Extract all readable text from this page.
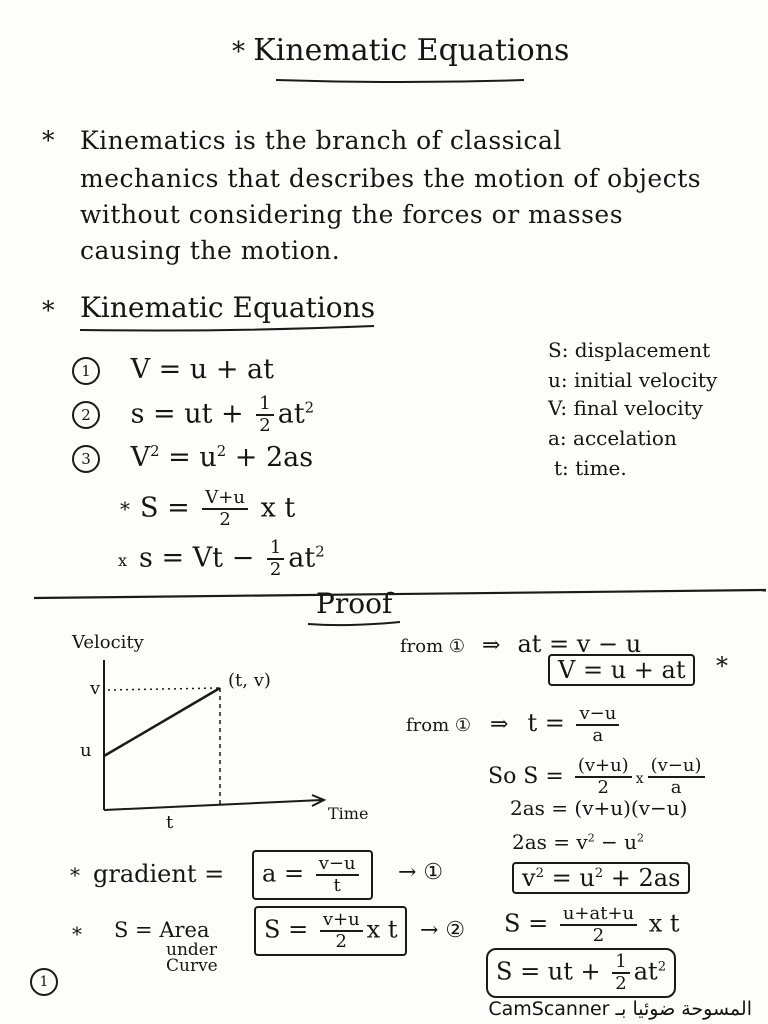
* Kinematic Equations
* Kinematics is the branch of classical
mechanics that describes the motion of objects
without considering the forces or masses
causing the motion.
* Kinematic Equations
1 V = u + at
2 s = ut + $\frac{1}{2} at^2$
3 $V^2 = u^2 + 2as$
* $S = \frac{V+u}{2}$ x t
x $s = Vt - \frac{1}{2} at^2$
S: displacement
u: initial velocity
V: final velocity
a: accelation
t: time.
Proof
Velocity
Time
(t, v)
v
u
t
from ① ⇒ at = v − u
V = u + at	*
from ① ⇒ $t = \frac{v-u}{a}$
So $S = \frac{(v+u)}{2}$ x $\frac{(v-u)}{a}$
2as = (v+u)(v−u)
$2as = v^2 - u^2$
$v^2 = u^2 + 2as$
* gradient =	$a = \frac{v-u}{t}$ → ①
* S = Area
under
Curve
$S = \frac{v+u}{2}$ x t	→ ② $S = \frac{u+at+u}{2}$ x t
S = ut + $\frac{1}{2} at^2$
1
CamScanner المسوحة ضوئيا بـ
